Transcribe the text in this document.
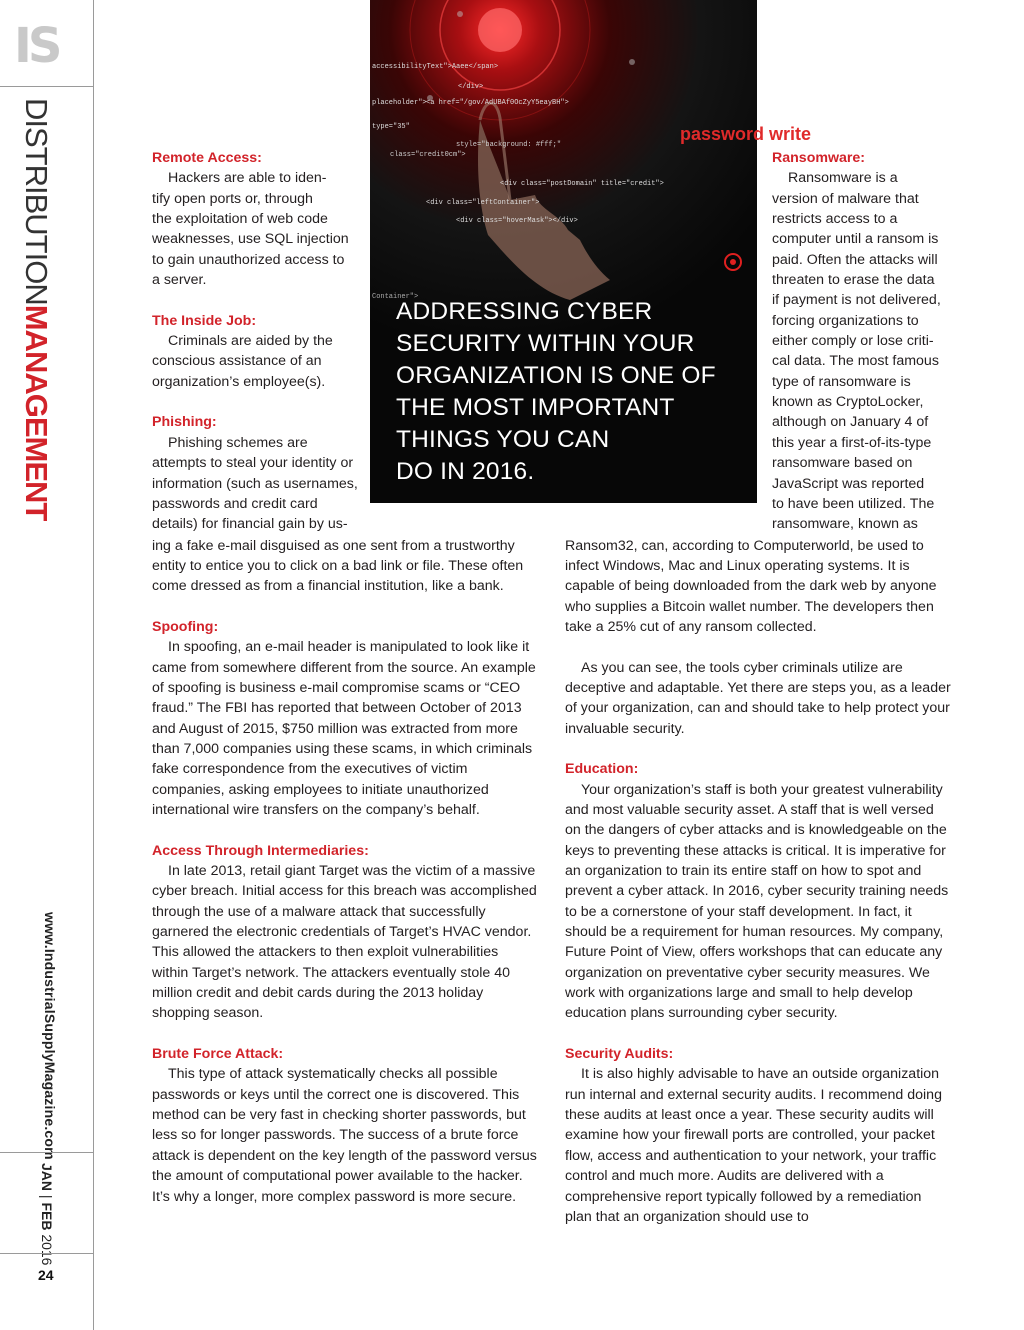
IS
DISTRIBUTIONMANAGEMENT
www.IndustrialSupplyMagazine.com
JAN | FEB 2016
24
password write
accessibilityText">Aaee</span>
</div>
<a href="/gov/AdUBAf0OcZyY5eayBH">
placeholder">
type="35"
style="background: #fff;"
class="credit0cm">
<div class="postDomain" title="credit">
<div class="leftContainer">
<div class="hoverMask"></div>
Container">
ADDRESSING CYBER
SECURITY WITHIN YOUR
ORGANIZATION IS ONE OF
THE MOST IMPORTANT
THINGS YOU CAN
DO IN 2016.
Remote Access:
Hackers are able to iden-
tify open ports or, through
the exploitation of web code
weaknesses, use SQL injection
to gain unauthorized access to
a server.
The Inside Job:
Criminals are aided by the
conscious assistance of an
organization’s employee(s).
Phishing:
Phishing schemes are
attempts to steal your identity or
information (such as usernames,
passwords and credit card
details) for financial gain by us-
ing a fake e-mail disguised as one sent from a trustworthy
entity to entice you to click on a bad link or file. These often
come dressed as from a financial institution, like a bank.
Spoofing:

In spoofing, an e-mail header is manipulated to look like it came from somewhere different from the source. An example of spoofing is business e-mail compromise scams or “CEO fraud.” The FBI has reported that between October of 2013 and August of 2015, $750 million was extracted from more than 7,000 companies using these scams, in which criminals fake correspondence from the executives of victim companies, asking employees to initiate unauthorized international wire transfers on the company’s behalf.

Access Through Intermediaries:

In late 2013, retail giant Target was the victim of a massive cyber breach. Initial access for this breach was accomplished through the use of a malware attack that successfully garnered the electronic credentials of Target’s HVAC vendor. This allowed the attackers to then exploit vulnerabilities within Target’s network. The attackers eventually stole 40 million credit and debit cards during the 2013 holiday shopping season.

Brute Force Attack:

This type of attack systematically checks all possible passwords or keys until the correct one is discovered. This method can be very fast in checking shorter passwords, but less so for longer passwords. The success of a brute force attack is dependent on the key length of the password versus the amount of computational power available to the hacker. It’s why a longer, more complex password is more secure.

Ransomware:
Ransomware is a
version of malware that
restricts access to a
computer until a ransom is
paid. Often the attacks will
threaten to erase the data
if payment is not delivered,
forcing organizations to
either comply or lose criti-
cal data. The most famous
type of ransomware is
known as CryptoLocker,
although on January 4 of
this year a first-of-its-type
ransomware based on
JavaScript was reported
to have been utilized. The
ransomware, known as

Ransom32, can, according to Computerworld, be used to infect Windows, Mac and Linux operating systems. It is capable of being downloaded from the dark web by anyone who supplies a Bitcoin wallet number. The developers then take a 25% cut of any ransom collected.

As you can see, the tools cyber criminals utilize are deceptive and adaptable. Yet there are steps you, as a leader of your organization, can and should take to help protect your invaluable security.

Education:

Your organization’s staff is both your greatest vulnerability and most valuable security asset. A staff that is well versed on the dangers of cyber attacks and is knowledgeable on the keys to preventing these attacks is critical. It is imperative for an organization to train its entire staff on how to spot and prevent a cyber attack. In 2016, cyber security training needs to be a cornerstone of your staff development. In fact, it should be a requirement for human resources. My company, Future Point of View, offers workshops that can educate any organization on preventative cyber security measures. We work with organizations large and small to help develop education plans surrounding cyber security.

Security Audits:

It is also highly advisable to have an outside organization run internal and external security audits. I recommend doing these audits at least once a year. These security audits will examine how your firewall ports are controlled, your packet flow, access and authentication to your network, your traffic control and much more. Audits are delivered with a comprehensive report typically followed by a remediation plan that an organization should use to
